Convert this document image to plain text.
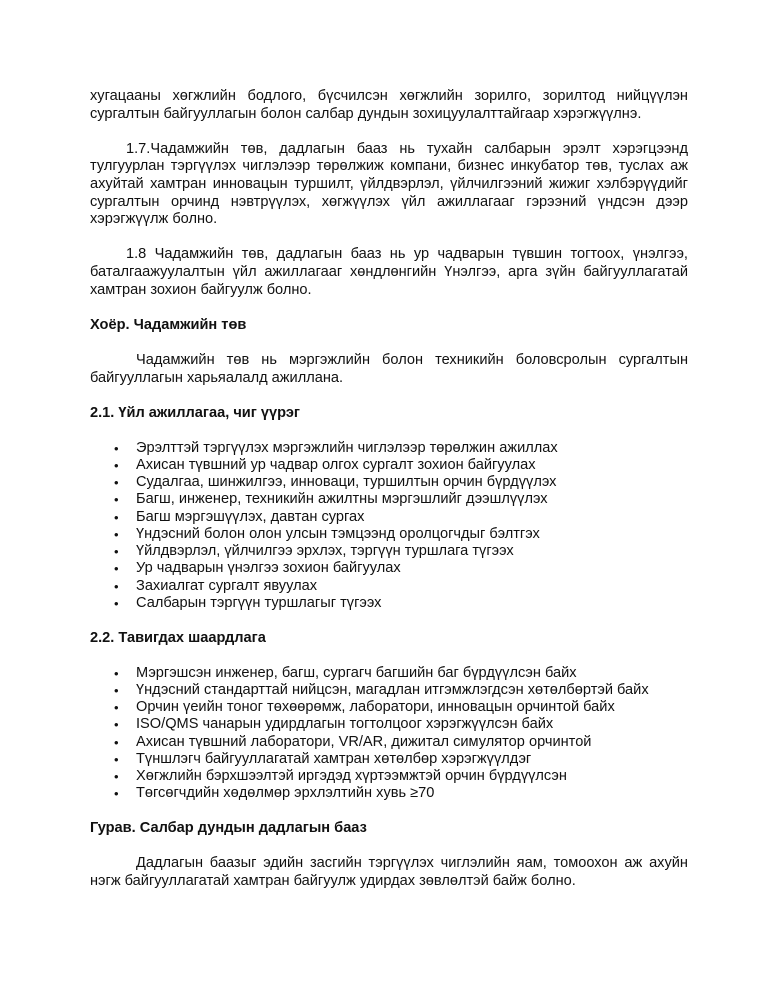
хугацааны хөгжлийн бодлого, бүсчилсэн хөгжлийн зорилго, зорилтод нийцүүлэн сургалтын байгууллагын болон салбар дундын зохицуулалттайгаар хэрэгжүүлнэ.

1.7.Чадамжийн төв, дадлагын бааз нь тухайн салбарын эрэлт хэрэгцээнд тулгуурлан тэргүүлэх чиглэлээр төрөлжиж компани, бизнес инкубатор төв, туслах аж ахуйтай хамтран инновацын туршилт, үйлдвэрлэл, үйлчилгээний жижиг хэлбэрүүдийг сургалтын орчинд нэвтрүүлэх, хөгжүүлэх үйл ажиллагааг гэрээний үндсэн дээр хэрэгжүүлж болно.

1.8 Чадамжийн төв, дадлагын бааз нь ур чадварын түвшин тогтоох, үнэлгээ, баталгаажуулалтын үйл ажиллагааг хөндлөнгийн Үнэлгээ, арга зүйн байгууллагатай хамтран зохион байгуулж болно.

Хоёр. Чадамжийн төв

Чадамжийн төв нь мэргэжлийн болон техникийн боловсролын сургалтын байгууллагын харьяалалд ажиллана.

2.1. Үйл ажиллагаа, чиг үүрэг
• Эрэлттэй тэргүүлэх мэргэжлийн чиглэлээр төрөлжин ажиллах
• Ахисан түвшний ур чадвар олгох сургалт зохион байгуулах
• Судалгаа, шинжилгээ, инноваци, туршилтын орчин бүрдүүлэх
• Багш, инженер, техникийн ажилтны мэргэшлийг дээшлүүлэх
• Багш мэргэшүүлэх, давтан сургах
• Үндэсний болон олон улсын тэмцээнд оролцогчдыг бэлтгэх
• Үйлдвэрлэл, үйлчилгээ эрхлэх, тэргүүн туршлага түгээх
• Ур чадварын үнэлгээ зохион байгуулах
• Захиалгат сургалт явуулах
• Салбарын тэргүүн туршлагыг түгээх
2.2. Тавигдах шаардлага
• Мэргэшсэн инженер, багш, сургагч багшийн баг бүрдүүлсэн байх
• Үндэсний стандарттай нийцсэн, магадлан итгэмжлэгдсэн хөтөлбөртэй байх
• Орчин үеийн тоног төхөөрөмж, лаборатори, инновацын орчинтой байх
• ISO/QMS чанарын удирдлагын тогтолцоог хэрэгжүүлсэн байх
• Ахисан түвшний лаборатори, VR/AR, дижитал симулятор орчинтой
• Түншлэгч байгууллагатай хамтран хөтөлбөр хэрэгжүүлдэг
• Хөгжлийн бэрхшээлтэй иргэдэд хүртээмжтэй орчин бүрдүүлсэн
• Төгсөгчдийн хөдөлмөр эрхлэлтийн хувь ≥70
Гурав. Салбар дундын дадлагын бааз

Дадлагын баазыг эдийн засгийн тэргүүлэх чиглэлийн яам, томоохон аж ахуйн нэгж байгууллагатай хамтран байгуулж удирдах зөвлөлтэй байж болно.
